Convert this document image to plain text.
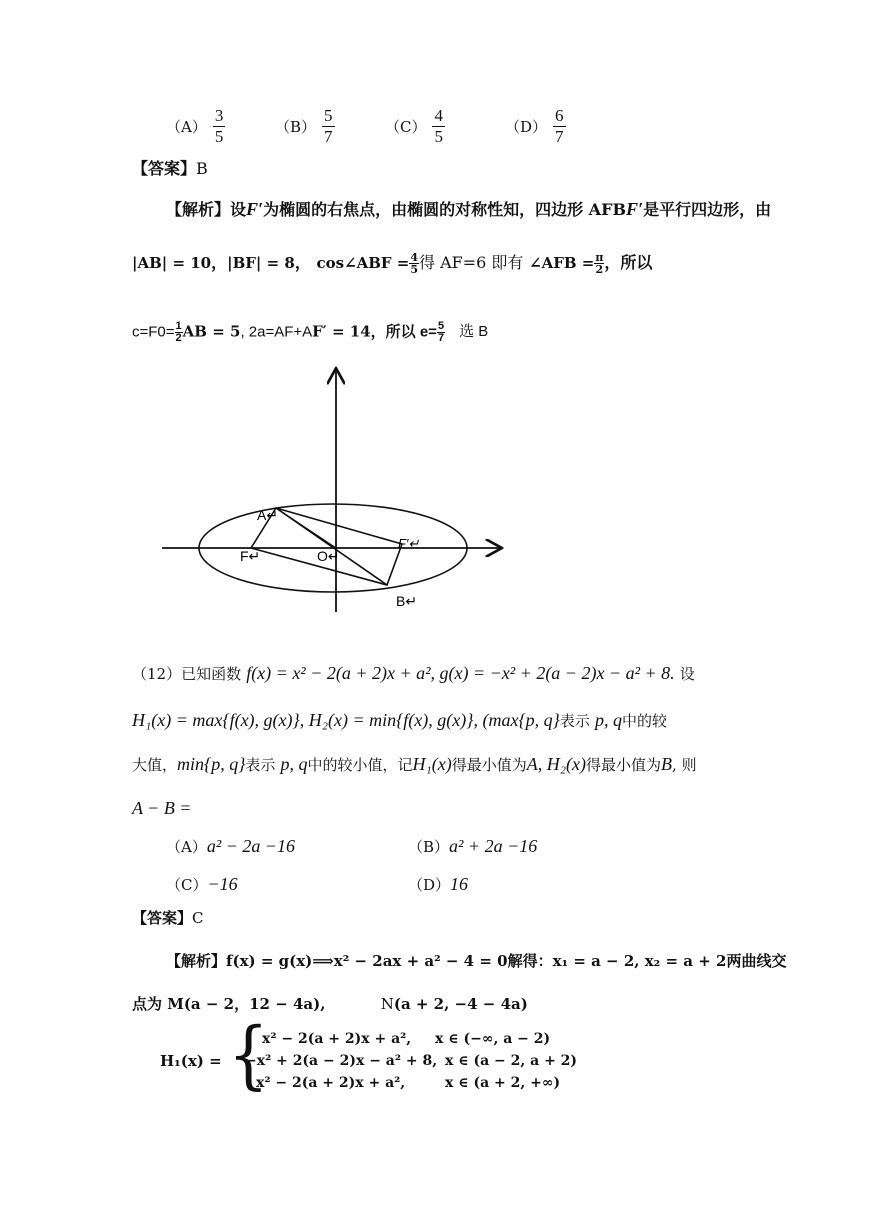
$(A) \frac{3}{5}$	$(B) \frac{5}{7}$	$(C) \frac{4}{5}$	$(D) \frac{6}{7}$
【答案】B
【解析】设F′为椭圆的右焦点，由椭圆的对称性知，四边形 AFBF′是平行四边形，由
|AB| = 10，|BF| = 8， cos∠ABF = $\frac{4}{5}$ 得 AF=6 即有 ∠AFB = $\frac{\pi}{2}$ ，所以
$c=F0= \frac{1}{2}$ AB = 5, 2a=AF+AF′ = 14，所以 $e= \frac{5}{7}$ 选 B
A↵
F↵	O↵
F′↵
B↵
（12）已知函数 f(x) = x² − 2(a + 2)x + a², g(x) = −x² + 2(a − 2)x − a² + 8. 设
H₁(x) = max{f(x), g(x)}, H₂(x) = min{f(x), g(x)}, (max{p, q}表示 p, q中的较
大值，min{p, q}表示 p, q中的较小值，记H₁(x)得最小值为A, H₂(x)得最小值为B, 则
A − B =
（A）a² − 2a −16	（B）a² + 2a −16
（C）−16	（D）16
【答案】C
【解析】f(x) = g(x)⟹x² − 2ax + a² − 4 = 0解得：x₁ = a − 2, x₂ = a + 2两曲线交
点为 M(a − 2，12 − 4a),	N(a + 2, −4 − 4a)
H₁(x) = {
x² − 2(a + 2)x + a², x ∈ (−∞, a − 2)
−x² + 2(a − 2)x − a² + 8, x ∈ (a − 2, a + 2)
x² − 2(a + 2)x + a²,	x ∈ (a + 2, +∞)
